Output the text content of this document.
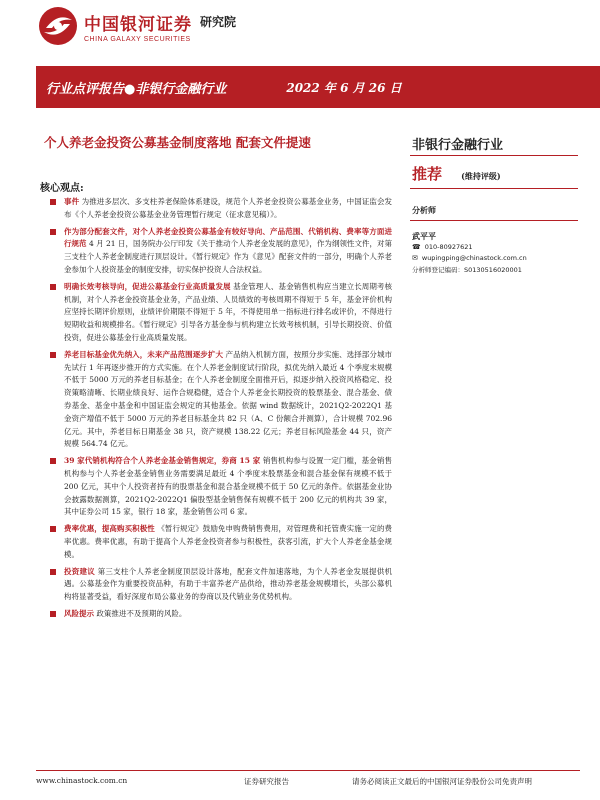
中国银河证券
CHINA GALAXY SECURITIES
研究院
行业点评报告●非银行金融行业	2022 年 6 月 26 日
个人养老金投资公募基金制度落地 配套文件提速
核心观点:
非银行金融行业
推荐 (维持评级)
分析师
武平平
☎ 010-80927621
✉ wupingping@chinastock.com.cn
分析师登记编码：S0130516020001
事件 为推进多层次、多支柱养老保险体系建设，规范个人养老金投资公募基金业务，中国证监会发布《个人养老金投资公募基金业务管理暂行规定（征求意见稿）》。
作为部分配套文件，对个人养老金投资公募基金有较好导向、产品范围、代销机构、费率等方面进行规范 4 月 21 日，国务院办公厅印发《关于推动个人养老金发展的意见》，作为纲领性文件，对第三支柱个人养老金制度进行顶层设计。《暂行规定》作为《意见》配套文件的一部分，明确个人养老金参加个人投资基金的制度安排，切实保护投资人合法权益。
明确长效考核导向，促进公募基金行业高质量发展 基金管理人、基金销售机构应当建立长周期考核机制，对个人养老金投资基金业务，产品业绩、人员绩效的考核周期不得短于 5 年，基金评价机构应坚持长期评价原则，业绩评价期限不得短于 5 年，不得使用单一指标进行排名或评价，不得进行短期收益和规模排名。《暂行规定》引导各方基金参与机构建立长效考核机制，引导长期投资、价值投资，促进公募基金行业高质量发展。
养老目标基金优先纳入，未来产品范围逐步扩大 产品纳入机制方面，按照分步实施、选择部分城市先试行 1 年再逐步推开的方式实施。在个人养老金制度试行阶段，拟优先纳入最近 4 个季度末规模不低于 5000 万元的养老目标基金；在个人养老金制度全面推开后，拟逐步纳入投资风格稳定、投资策略清晰、长期业绩良好、运作合规稳健，适合个人养老金长期投资的股票基金、混合基金、债券基金、基金中基金和中国证监会规定的其他基金。依据 wind 数据统计，2021Q2-2022Q1 基金资产增值不低于 5000 万元的养老目标基金共 82 只（A、C 份额合并测算），合计规模 702.96 亿元。其中，养老目标日期基金 38 只，资产规模 138.22 亿元；养老目标风险基金 44 只，资产规模 564.74 亿元。
39 家代销机构符合个人养老金基金销售规定，券商 15 家 销售机构参与设置一定门槛，基金销售机构参与个人养老金基金销售业务需要满足最近 4 个季度末股票基金和混合基金保有规模不低于 200 亿元，其中个人投资者持有的股票基金和混合基金规模不低于 50 亿元的条件。依据基金业协会披露数据测算，2021Q2-2022Q1 偏股型基金销售保有规模不低于 200 亿元的机构共 39 家，其中证券公司 15 家，银行 18 家，基金销售公司 6 家。
费率优惠，提高购买积极性 《暂行规定》鼓励免申购费销售费用，对管理费和托管费实施一定的费率优惠。费率优惠，有助于提高个人养老金投资者参与积极性，获客引流，扩大个人养老金基金规模。
投资建议 第三支柱个人养老金制度顶层设计落地，配套文件加速落地，为个人养老金发展提供机遇。公募基金作为重要投资品种，有助于丰富养老产品供给，推动养老基金规模增长，头部公募机构将显著受益，看好深度布局公募业务的券商以及代销业务优势机构。
风险提示 政策推进不及预期的风险。
www.chinastock.com.cn	证券研究报告	请务必阅读正文最后的中国银河证券股份公司免责声明
